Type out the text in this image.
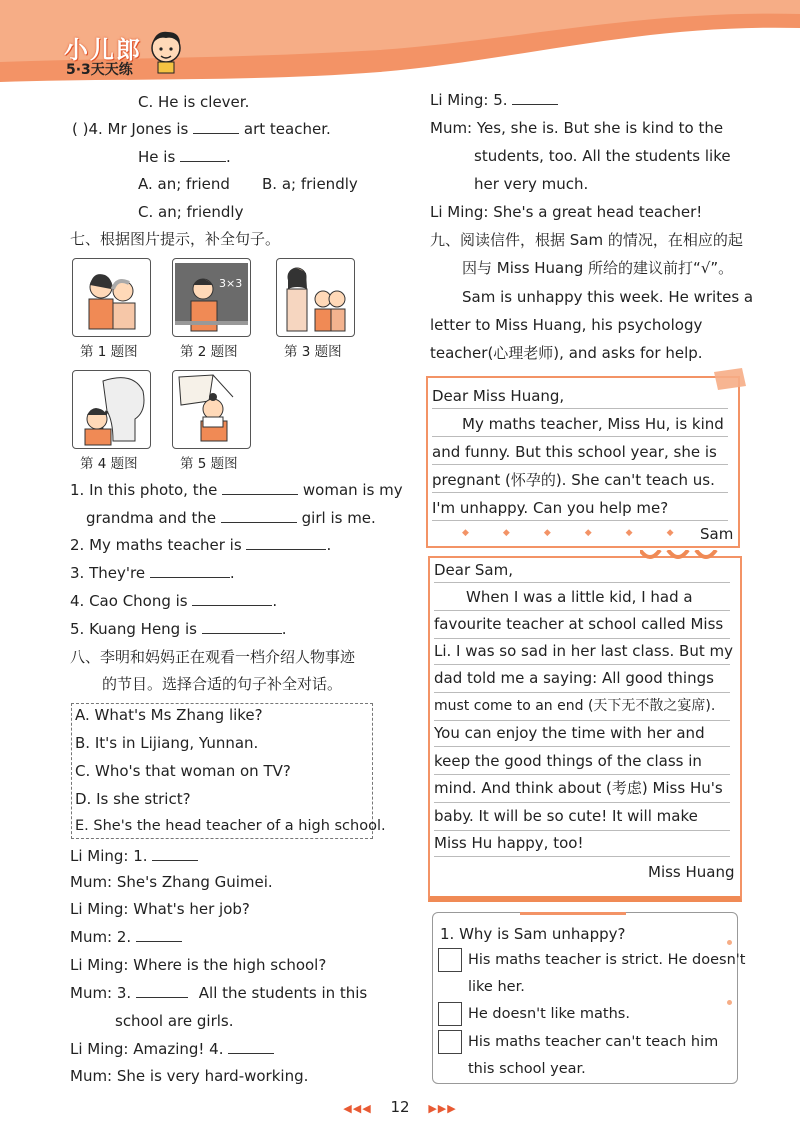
小儿郎
5·3天天练
C. He is clever.
( )4. Mr Jones is	art teacher.
He is	.
A. an; friend B. a; friendly
C. an; friendly
七、根据图片提示，补全句子。
3×3
第 1 题图	第 2 题图	第 3 题图
第 4 题图	第 5 题图
1. In this photo, the	woman is my
grandma and the	girl is me.
2. My maths teacher is	.
3. They're	.
4. Cao Chong is	.
5. Kuang Heng is	.
八、李明和妈妈正在观看一档介绍人物事迹
的节目。选择合适的句子补全对话。
A. What's Ms Zhang like?
B. It's in Lijiang, Yunnan.
C. Who's that woman on TV?
D. Is she strict?
E. She's the head teacher of a high school.
Li Ming: 1.
Mum: She's Zhang Guimei.
Li Ming: What's her job?
Mum: 2.
Li Ming: Where is the high school?
Mum: 3.	All the students in this
school are girls.
Li Ming: Amazing! 4.
Mum: She is very hard-working.
Li Ming: 5.
Mum: Yes, she is. But she is kind to the
students, too. All the students like
her very much.
Li Ming: She's a great head teacher!
九、阅读信件，根据 Sam 的情况，在相应的起
因与 Miss Huang 所给的建议前打“√”。
Sam is unhappy this week. He writes a
letter to Miss Huang, his psychology
teacher(心理老师), and asks for help.
Dear Miss Huang,
My maths teacher, Miss Hu, is kind
and funny. But this school year, she is
pregnant (怀孕的). She can't teach us.
I'm unhappy. Can you help me?
Sam
◆◆◆◆◆◆
Dear Sam,
When I was a little kid, I had a
favourite teacher at school called Miss
Li. I was so sad in her last class. But my
dad told me a saying: All good things
must come to an end (天下无不散之宴席).
You can enjoy the time with her and
keep the good things of the class in
mind. And think about (考虑) Miss Hu's
baby. It will be so cute! It will make
Miss Hu happy, too!
Miss Huang
1. Why is Sam unhappy?
His maths teacher is strict. He doesn't
like her.
He doesn't like maths.
His maths teacher can't teach him
this school year.
◀◀◀ 12 ▶▶▶
